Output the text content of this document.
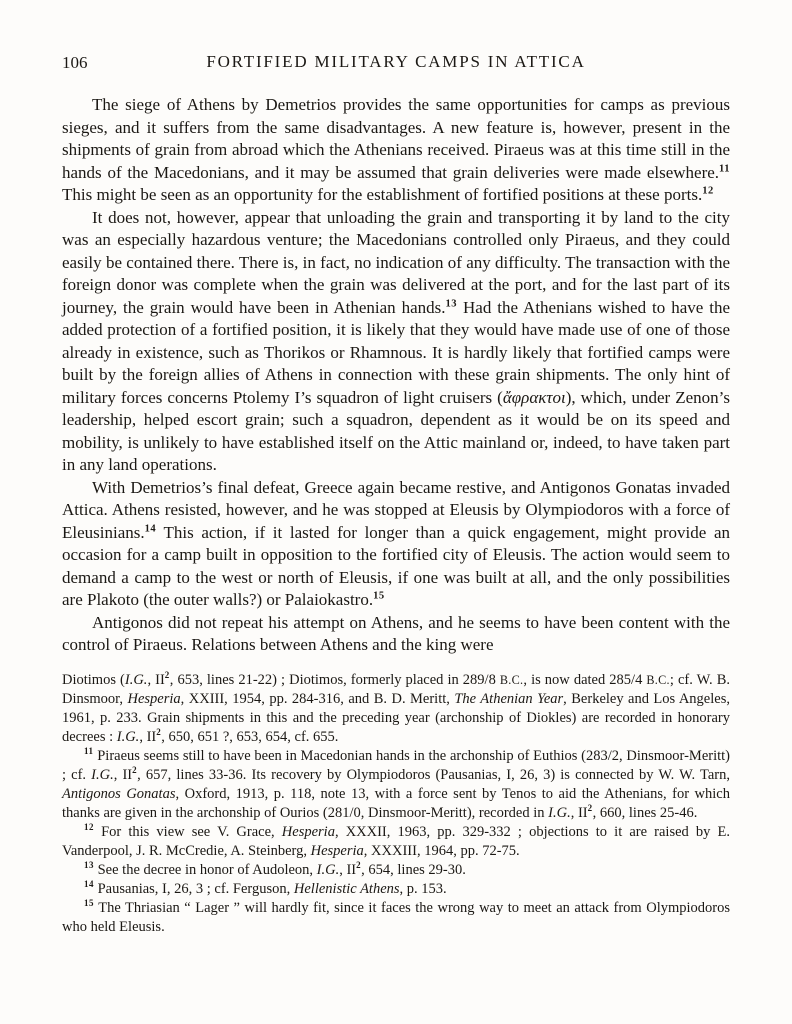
106	FORTIFIED MILITARY CAMPS IN ATTICA

The siege of Athens by Demetrios provides the same opportunities for camps as previous sieges, and it suffers from the same disadvantages. A new feature is, however, present in the shipments of grain from abroad which the Athenians received. Piraeus was at this time still in the hands of the Macedonians, and it may be assumed that grain deliveries were made elsewhere.$^{11}$ This might be seen as an opportunity for the establishment of fortified positions at these ports.$^{12}$

It does not, however, appear that unloading the grain and transporting it by land to the city was an especially hazardous venture; the Macedonians controlled only Piraeus, and they could easily be contained there. There is, in fact, no indication of any difficulty. The transaction with the foreign donor was complete when the grain was delivered at the port, and for the last part of its journey, the grain would have been in Athenian hands.$^{13}$ Had the Athenians wished to have the added protection of a fortified position, it is likely that they would have made use of one of those already in existence, such as Thorikos or Rhamnous. It is hardly likely that fortified camps were built by the foreign allies of Athens in connection with these grain shipments. The only hint of military forces concerns Ptolemy I’s squadron of light cruisers (ἄφρακτοι), which, under Zenon’s leadership, helped escort grain; such a squadron, dependent as it would be on its speed and mobility, is unlikely to have established itself on the Attic mainland or, indeed, to have taken part in any land operations.

With Demetrios’s final defeat, Greece again became restive, and Antigonos Gonatas invaded Attica. Athens resisted, however, and he was stopped at Eleusis by Olympiodoros with a force of Eleusinians.$^{14}$ This action, if it lasted for longer than a quick engagement, might provide an occasion for a camp built in opposition to the fortified city of Eleusis. The action would seem to demand a camp to the west or north of Eleusis, if one was built at all, and the only possibilities are Plakoto (the outer walls?) or Palaiokastro.$^{15}$

Antigonos did not repeat his attempt on Athens, and he seems to have been content with the control of Piraeus. Relations between Athens and the king were

Diotimos (I.G., $II^2$, 653, lines 21-22) ; Diotimos, formerly placed in 289/8 B.C., is now dated 285/4 B.C.; cf. W. B. Dinsmoor, Hesperia, XXIII, 1954, pp. 284-316, and B. D. Meritt, The Athenian Year, Berkeley and Los Angeles, 1961, p. 233. Grain shipments in this and the preceding year (archonship of Diokles) are recorded in honorary decrees : I.G., $II^2$, 650, 651 ?, 653, 654, cf. 655.

$^{11}$ Piraeus seems still to have been in Macedonian hands in the archonship of Euthios (283/2, Dinsmoor-Meritt) ; cf. I.G., $II^2$, 657, lines 33-36. Its recovery by Olympiodoros (Pausanias, I, 26, 3) is connected by W. W. Tarn, Antigonos Gonatas, Oxford, 1913, p. 118, note 13, with a force sent by Tenos to aid the Athenians, for which thanks are given in the archonship of Ourios (281/0, Dinsmoor-Meritt), recorded in I.G., $II^2$, 660, lines 25-46.

$^{12}$ For this view see V. Grace, Hesperia, XXXII, 1963, pp. 329-332 ; objections to it are raised by E. Vanderpool, J. R. McCredie, A. Steinberg, Hesperia, XXXIII, 1964, pp. 72-75.

$^{13}$ See the decree in honor of Audoleon, I.G., $II^2$, 654, lines 29-30.

$^{14}$ Pausanias, I, 26, 3 ; cf. Ferguson, Hellenistic Athens, p. 153.

$^{15}$ The Thriasian “ Lager ” will hardly fit, since it faces the wrong way to meet an attack from Olympiodoros who held Eleusis.
